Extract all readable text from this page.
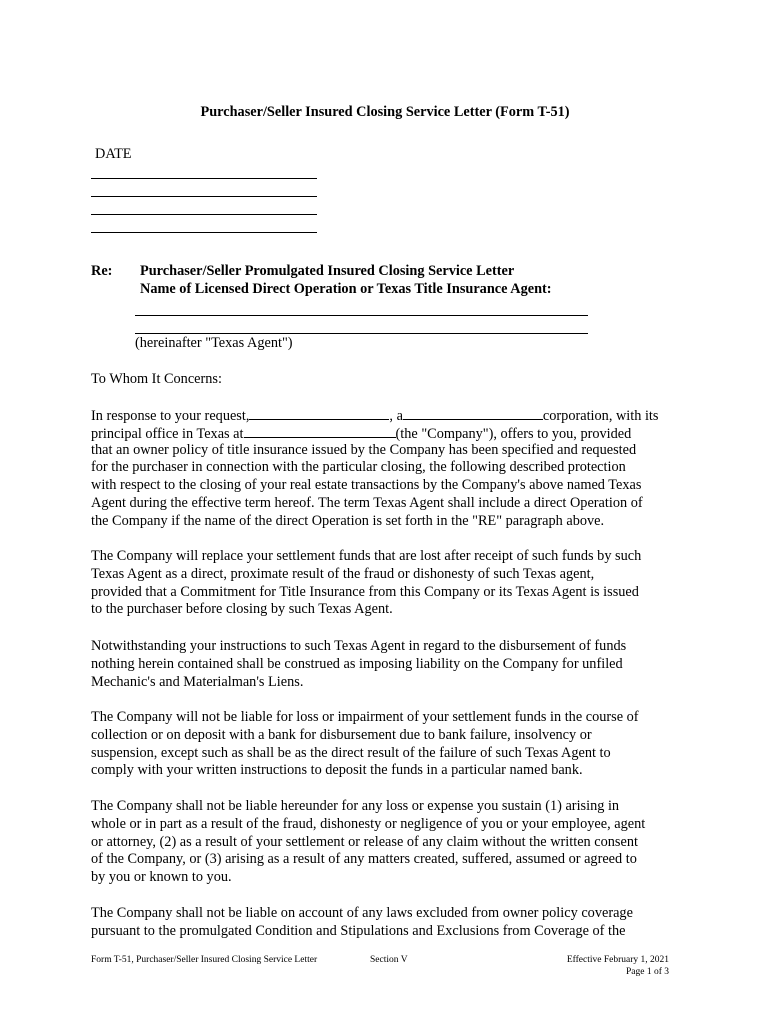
Purchaser/Seller Insured Closing Service Letter (Form T-51)
DATE
Re: Purchaser/Seller Promulgated Insured Closing Service Letter
Name of Licensed Direct Operation or Texas Title Insurance Agent:
(hereinafter "Texas Agent")
To Whom It Concerns:
In response to your request,	, a	corporation, with its
principal office in Texas at	(the "Company"), offers to you, provided
that an owner policy of title insurance issued by the Company has been specified and requested
for the purchaser in connection with the particular closing, the following described protection
with respect to the closing of your real estate transactions by the Company's above named Texas
Agent during the effective term hereof. The term Texas Agent shall include a direct Operation of
the Company if the name of the direct Operation is set forth in the "RE" paragraph above.
The Company will replace your settlement funds that are lost after receipt of such funds by such
Texas Agent as a direct, proximate result of the fraud or dishonesty of such Texas agent,
provided that a Commitment for Title Insurance from this Company or its Texas Agent is issued
to the purchaser before closing by such Texas Agent.
Notwithstanding your instructions to such Texas Agent in regard to the disbursement of funds
nothing herein contained shall be construed as imposing liability on the Company for unfiled
Mechanic's and Materialman's Liens.
The Company will not be liable for loss or impairment of your settlement funds in the course of
collection or on deposit with a bank for disbursement due to bank failure, insolvency or
suspension, except such as shall be as the direct result of the failure of such Texas Agent to
comply with your written instructions to deposit the funds in a particular named bank.
The Company shall not be liable hereunder for any loss or expense you sustain (1) arising in
whole or in part as a result of the fraud, dishonesty or negligence of you or your employee, agent
or attorney, (2) as a result of your settlement or release of any claim without the written consent
of the Company, or (3) arising as a result of any matters created, suffered, assumed or agreed to
by you or known to you.
The Company shall not be liable on account of any laws excluded from owner policy coverage
pursuant to the promulgated Condition and Stipulations and Exclusions from Coverage of the
Form T-51, Purchaser/Seller Insured Closing Service Letter	Section V	Effective February 1, 2021
Page 1 of 3
